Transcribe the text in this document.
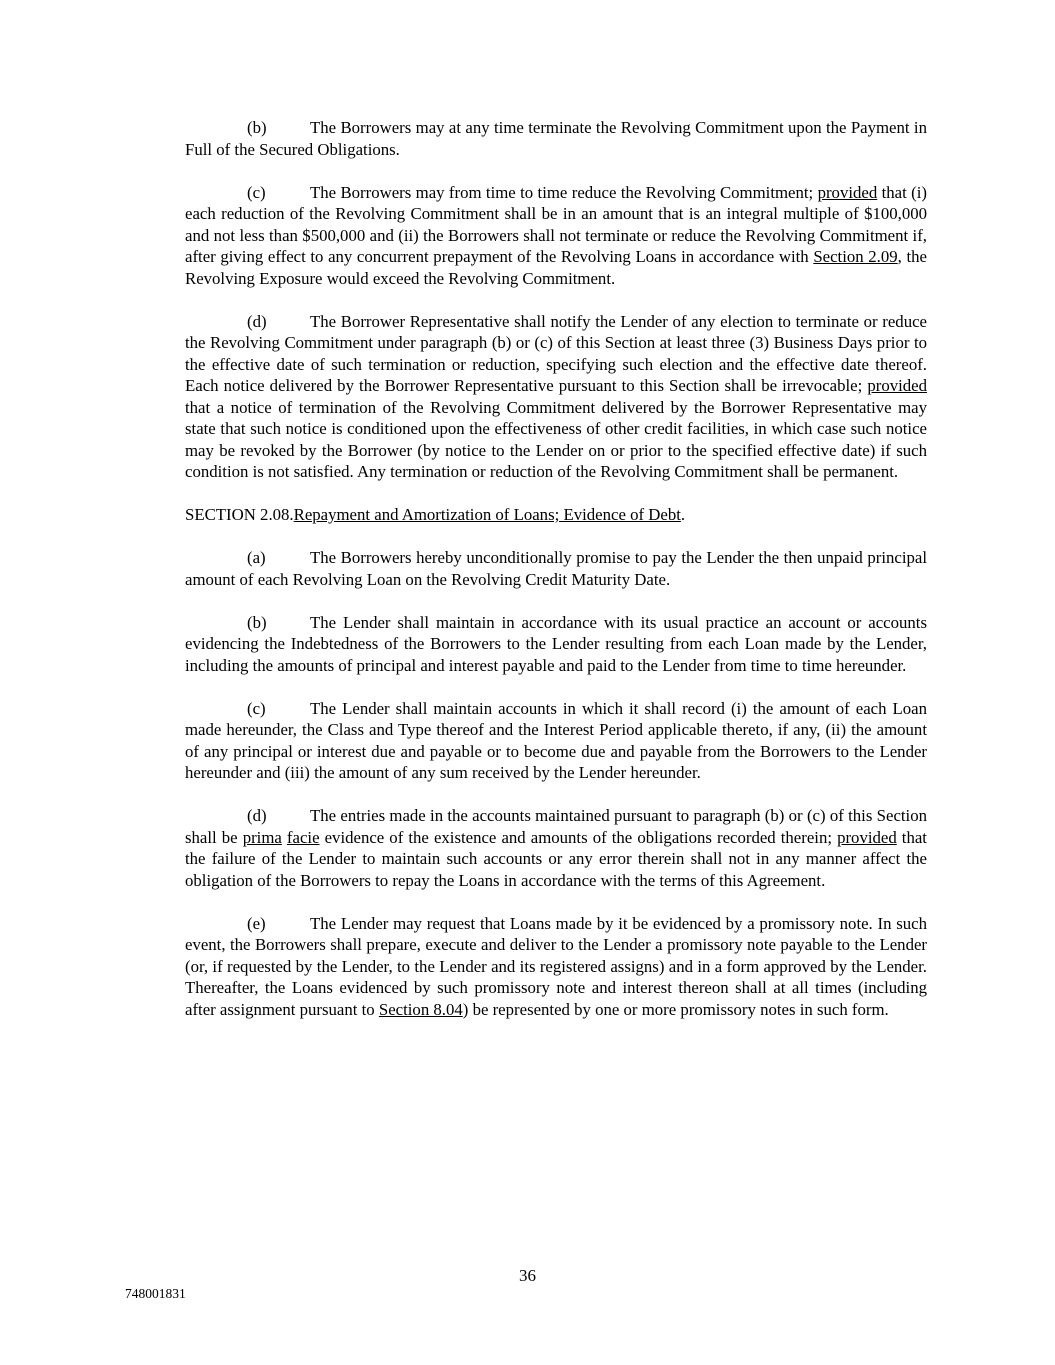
(b)	The Borrowers may at any time terminate the Revolving Commitment upon the Payment in Full of the Secured Obligations.

(c)	The Borrowers may from time to time reduce the Revolving Commitment; provided that (i) each reduction of the Revolving Commitment shall be in an amount that is an integral multiple of $100,000 and not less than $500,000 and (ii) the Borrowers shall not terminate or reduce the Revolving Commitment if, after giving effect to any concurrent prepayment of the Revolving Loans in accordance with Section 2.09, the Revolving Exposure would exceed the Revolving Commitment.

(d)	The Borrower Representative shall notify the Lender of any election to terminate or reduce the Revolving Commitment under paragraph (b) or (c) of this Section at least three (3) Business Days prior to the effective date of such termination or reduction, specifying such election and the effective date thereof. Each notice delivered by the Borrower Representative pursuant to this Section shall be irrevocable; provided that a notice of termination of the Revolving Commitment delivered by the Borrower Representative may state that such notice is conditioned upon the effectiveness of other credit facilities, in which case such notice may be revoked by the Borrower (by notice to the Lender on or prior to the specified effective date) if such condition is not satisfied. Any termination or reduction of the Revolving Commitment shall be permanent.

SECTION 2.08.Repayment and Amortization of Loans; Evidence of Debt.

(a)	The Borrowers hereby unconditionally promise to pay the Lender the then unpaid principal amount of each Revolving Loan on the Revolving Credit Maturity Date.

(b)	The Lender shall maintain in accordance with its usual practice an account or accounts evidencing the Indebtedness of the Borrowers to the Lender resulting from each Loan made by the Lender, including the amounts of principal and interest payable and paid to the Lender from time to time hereunder.

(c)	The Lender shall maintain accounts in which it shall record (i) the amount of each Loan made hereunder, the Class and Type thereof and the Interest Period applicable thereto, if any, (ii) the amount of any principal or interest due and payable or to become due and payable from the Borrowers to the Lender hereunder and (iii) the amount of any sum received by the Lender hereunder.

(d)	The entries made in the accounts maintained pursuant to paragraph (b) or (c) of this Section shall be prima facie evidence of the existence and amounts of the obligations recorded therein; provided that the failure of the Lender to maintain such accounts or any error therein shall not in any manner affect the obligation of the Borrowers to repay the Loans in accordance with the terms of this Agreement.

(e)	The Lender may request that Loans made by it be evidenced by a promissory note. In such event, the Borrowers shall prepare, execute and deliver to the Lender a promissory note payable to the Lender (or, if requested by the Lender, to the Lender and its registered assigns) and in a form approved by the Lender. Thereafter, the Loans evidenced by such promissory note and interest thereon shall at all times (including after assignment pursuant to Section 8.04) be represented by one or more promissory notes in such form.

36
748001831
